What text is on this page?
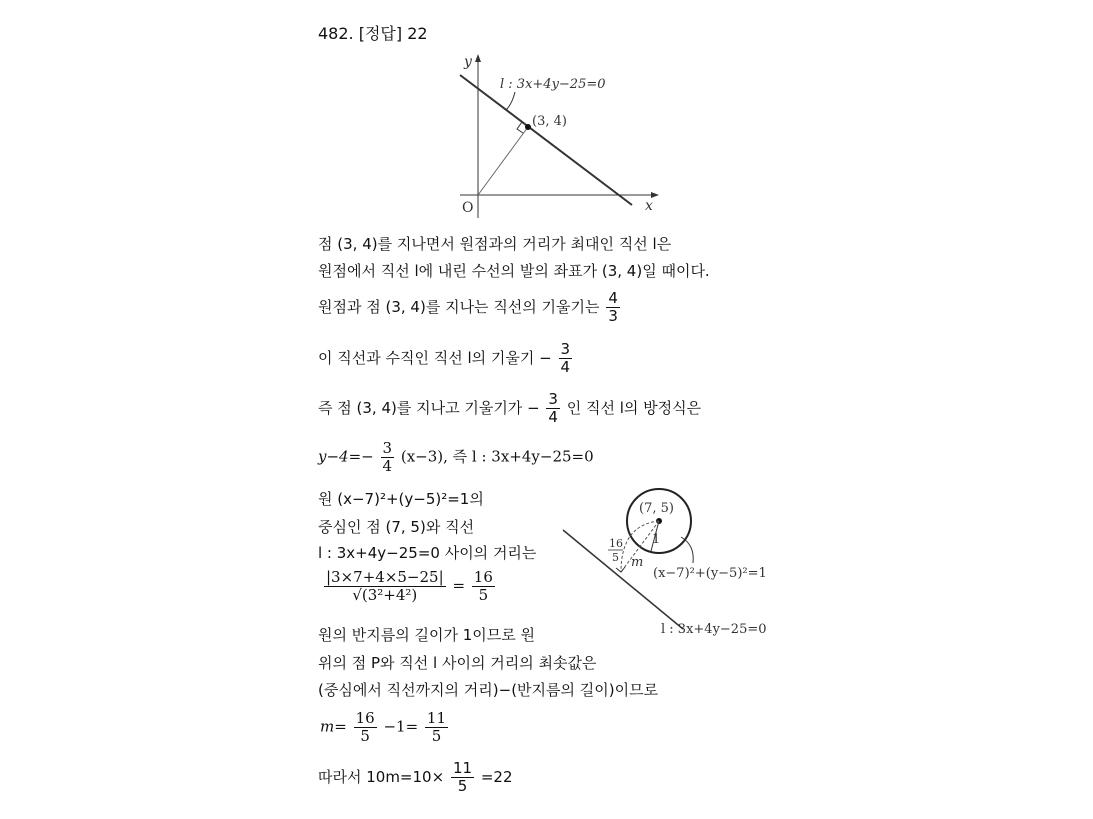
482. [정답] 22
y
x
O
(3, 4)
l : 3x+4y−25=0
점 (3, 4)를 지나면서 원점과의 거리가 최대인 직선 l은
원점에서 직선 l에 내린 수선의 발의 좌표가 (3, 4)일 때이다.
원점과 점 (3, 4)를 지나는 직선의 기울기는 $\frac{4}{3}$
이 직선과 수직인 직선 l의 기울기 − $\frac{3}{4}$
즉 점 (3, 4)를 지나고 기울기가 − $\frac{3}{4}$ 인 직선 l의 방정식은
$y-4=- \frac{3}{4} (x-3)$, 즉 l : 3x+4y−25=0
원 (x−7)²+(y−5)²=1의
중심인 점 (7, 5)와 직선
l : 3x+4y−25=0 사이의 거리는
$\frac{|3\times 7+4\times 5-25|}{\text{√(3²+4²)}} = \frac{16}{5}$
원의 반지름의 길이가 1이므로 원
위의 점 P와 직선 l 사이의 거리의 최솟값은
(중심에서 직선까지의 거리)−(반지름의 길이)이므로
$m= \frac{16}{5} -1= \frac{11}{5}$
따라서 $10m=10\times \frac{11}{5} =22$
(7, 5)
1
16
5 m
(x−7)²+(y−5)²=1
l : 3x+4y−25=0
